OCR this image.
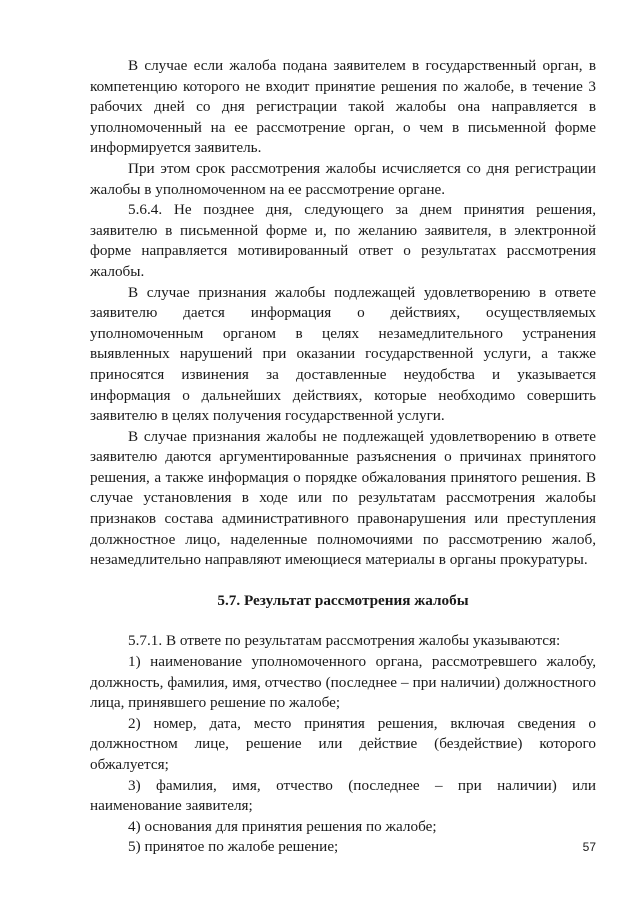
В случае если жалоба подана заявителем в государственный орган, в компетенцию которого не входит принятие решения по жалобе, в течение 3 рабочих дней со дня регистрации такой жалобы она направляется в уполномоченный на ее рассмотрение орган, о чем в письменной форме информируется заявитель.

При этом срок рассмотрения жалобы исчисляется со дня регистрации жалобы в уполномоченном на ее рассмотрение органе.

5.6.4. Не позднее дня, следующего за днем принятия решения, заявителю в письменной форме и, по желанию заявителя, в электронной форме направляется мотивированный ответ о результатах рассмотрения жалобы.

В случае признания жалобы подлежащей удовлетворению в ответе заявителю дается информация о действиях, осуществляемых уполномоченным органом в целях незамедлительного устранения выявленных нарушений при оказании государственной услуги, а также приносятся извинения за доставленные неудобства и указывается информация о дальнейших действиях, которые необходимо совершить заявителю в целях получения государственной услуги.

В случае признания жалобы не подлежащей удовлетворению в ответе заявителю даются аргументированные разъяснения о причинах принятого решения, а также информация о порядке обжалования принятого решения. В случае установления в ходе или по результатам рассмотрения жалобы признаков состава административного правонарушения или преступления должностное лицо, наделенные полномочиями по рассмотрению жалоб, незамедлительно направляют имеющиеся материалы в органы прокуратуры.

5.7. Результат рассмотрения жалобы

5.7.1. В ответе по результатам рассмотрения жалобы указываются:

1) наименование уполномоченного органа, рассмотревшего жалобу, должность, фамилия, имя, отчество (последнее – при наличии) должностного лица, принявшего решение по жалобе;

2) номер, дата, место принятия решения, включая сведения о должностном лице, решение или действие (бездействие) которого обжалуется;

3) фамилия, имя, отчество (последнее – при наличии) или наименование заявителя;

4) основания для принятия решения по жалобе;

5) принятое по жалобе решение;	57
